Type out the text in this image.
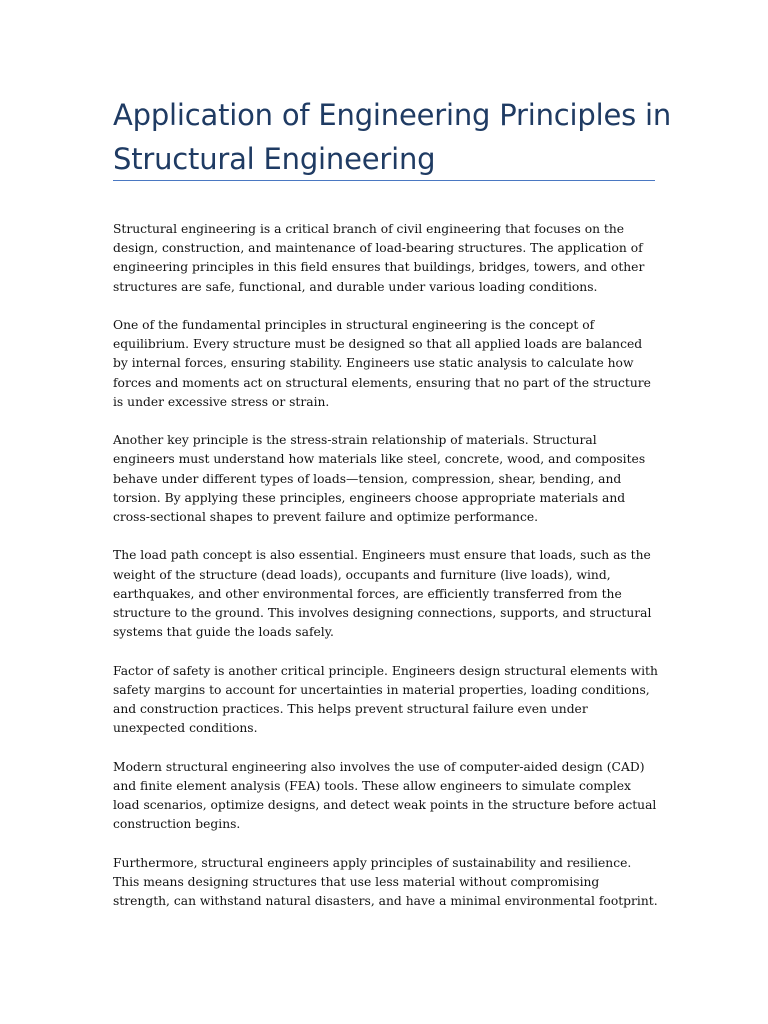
Application of Engineering Principles in Structural Engineering

Structural engineering is a critical branch of civil engineering that focuses on the design, construction, and maintenance of load-bearing structures. The application of engineering principles in this field ensures that buildings, bridges, towers, and other structures are safe, functional, and durable under various loading conditions.

One of the fundamental principles in structural engineering is the concept of equilibrium. Every structure must be designed so that all applied loads are balanced by internal forces, ensuring stability. Engineers use static analysis to calculate how forces and moments act on structural elements, ensuring that no part of the structure is under excessive stress or strain.

Another key principle is the stress-strain relationship of materials. Structural engineers must understand how materials like steel, concrete, wood, and composites behave under different types of loads—tension, compression, shear, bending, and torsion. By applying these principles, engineers choose appropriate materials and cross-sectional shapes to prevent failure and optimize performance.

The load path concept is also essential. Engineers must ensure that loads, such as the weight of the structure (dead loads), occupants and furniture (live loads), wind, earthquakes, and other environmental forces, are efficiently transferred from the structure to the ground. This involves designing connections, supports, and structural systems that guide the loads safely.

Factor of safety is another critical principle. Engineers design structural elements with safety margins to account for uncertainties in material properties, loading conditions, and construction practices. This helps prevent structural failure even under unexpected conditions.

Modern structural engineering also involves the use of computer-aided design (CAD) and finite element analysis (FEA) tools. These allow engineers to simulate complex load scenarios, optimize designs, and detect weak points in the structure before actual construction begins.

Furthermore, structural engineers apply principles of sustainability and resilience. This means designing structures that use less material without compromising strength, can withstand natural disasters, and have a minimal environmental footprint.
